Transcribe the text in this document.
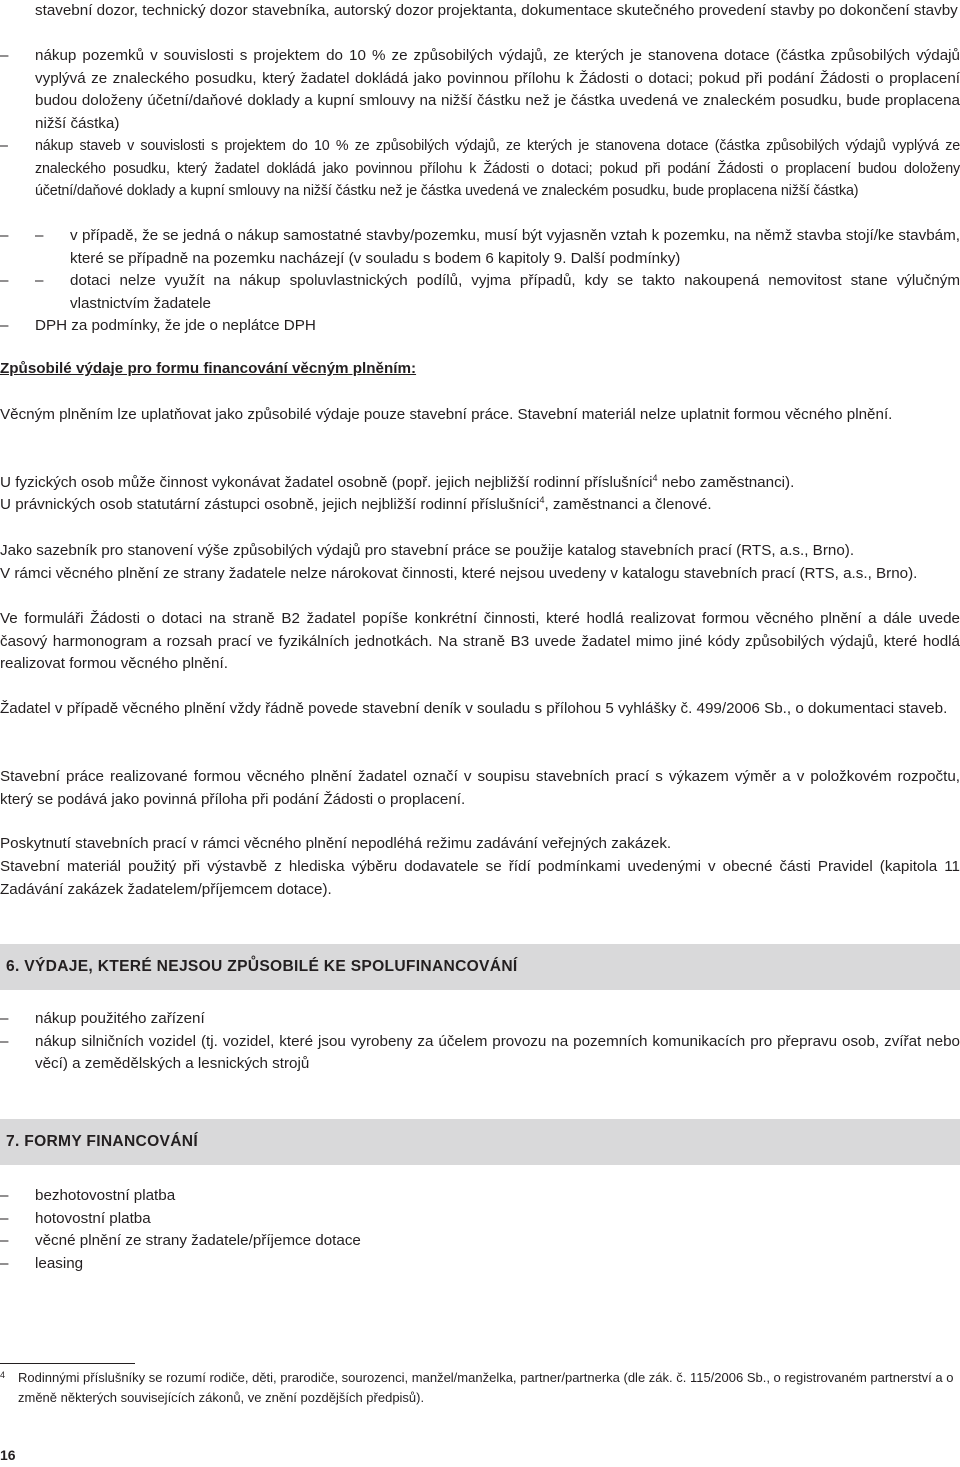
stavební dozor, technický dozor stavebníka, autorský dozor projektanta, dokumentace skutečného provedení stavby po dokončení stavby

– nákup pozemků v souvislosti s projektem do 10 % ze způsobilých výdajů, ze kterých je stanovena dotace (částka způsobilých výdajů vyplývá ze znaleckého posudku, který žadatel dokládá jako povinnou přílohu k Žádosti o dotaci; pokud při podání Žádosti o proplacení budou doloženy účetní/daňové doklady a kupní smlouvy na nižší částku než je částka uvedená ve znaleckém posudku, bude proplacena nižší částka)
– nákup staveb v souvislosti s projektem do 10 % ze způsobilých výdajů, ze kterých je stanovena dotace (částka způsobilých výdajů vyplývá ze znaleckého posudku, který žadatel dokládá jako povinnou přílohu k Žádosti o dotaci; pokud při podání Žádosti o proplacení budou doloženy účetní/daňové doklady a kupní smlouvy na nižší částku než je částka uvedená ve znaleckém posudku, bude proplacena nižší částka)
– – v případě, že se jedná o nákup samostatné stavby/pozemku, musí být vyjasněn vztah k pozemku, na němž stavba stojí/ke stavbám, které se případně na pozemku nacházejí (v souladu s bodem 6 kapitoly 9. Další podmínky)
– – dotaci nelze využít na nákup spoluvlastnických podílů, vyjma případů, kdy se takto nakoupená nemovitost stane výlučným vlastnictvím žadatele
– DPH za podmínky, že jde o neplátce DPH

Způsobilé výdaje pro formu financování věcným plněním:

Věcným plněním lze uplatňovat jako způsobilé výdaje pouze stavební práce. Stavební materiál nelze uplatnit formou věcného plnění.

U fyzických osob může činnost vykonávat žadatel osobně (popř. jejich nejbližší rodinní příslušníci$^4$ nebo zaměstnanci).

U právnických osob statutární zástupci osobně, jejich nejbližší rodinní příslušníci$^4$, zaměstnanci a členové.

Jako sazebník pro stanovení výše způsobilých výdajů pro stavební práce se použije katalog stavebních prací (RTS, a.s., Brno).

V rámci věcného plnění ze strany žadatele nelze nárokovat činnosti, které nejsou uvedeny v katalogu stavebních prací (RTS, a.s., Brno).

Ve formuláři Žádosti o dotaci na straně B2 žadatel popíše konkrétní činnosti, které hodlá realizovat formou věcného plnění a dále uvede časový harmonogram a rozsah prací ve fyzikálních jednotkách. Na straně B3 uvede žadatel mimo jiné kódy způsobilých výdajů, které hodlá realizovat formou věcného plnění.

Žadatel v případě věcného plnění vždy řádně povede stavební deník v souladu s přílohou 5 vyhlášky č. 499/2006 Sb., o dokumentaci staveb.

Stavební práce realizované formou věcného plnění žadatel označí v soupisu stavebních prací s výkazem výměr a v položkovém rozpočtu, který se podává jako povinná příloha při podání Žádosti o proplacení.

Poskytnutí stavebních prací v rámci věcného plnění nepodléhá režimu zadávání veřejných zakázek.

Stavební materiál použitý při výstavbě z hlediska výběru dodavatele se řídí podmínkami uvedenými v obecné části Pravidel (kapitola 11 Zadávání zakázek žadatelem/příjemcem dotace).

6. VÝDAJE, KTERÉ NEJSOU ZPŮSOBILÉ KE SPOLUFINANCOVÁNÍ
– nákup použitého zařízení
– nákup silničních vozidel (tj. vozidel, které jsou vyrobeny za účelem provozu na pozemních komunikacích pro přepravu osob, zvířat nebo věcí) a zemědělských a lesnických strojů
7. FORMY FINANCOVÁNÍ
– bezhotovostní platba
– hotovostní platba
– věcné plnění ze strany žadatele/příjemce dotace
– leasing
4 Rodinnými příslušníky se rozumí rodiče, děti, prarodiče, sourozenci, manžel/manželka, partner/partnerka (dle zák. č. 115/2006 Sb., o registrovaném partnerství a o změně některých souvisejících zákonů, ve znění pozdějších předpisů).
16
